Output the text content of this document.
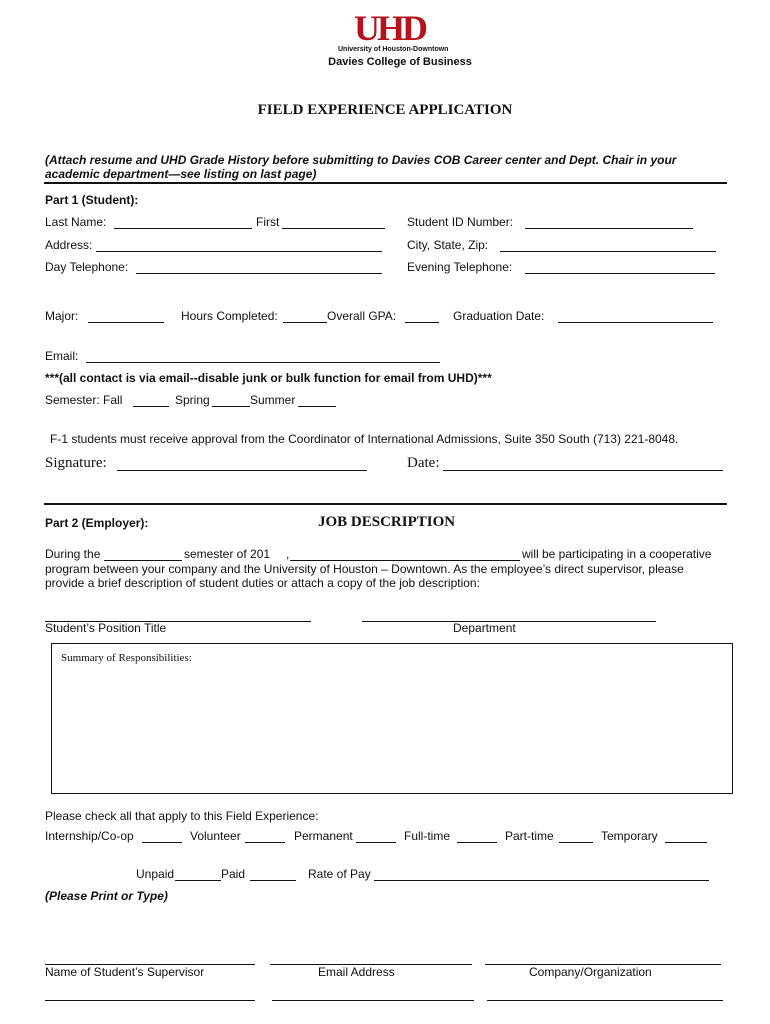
UHD
University of Houston-Downtown
Davies College of Business
FIELD EXPERIENCE APPLICATION
(Attach resume and UHD Grade History before submitting to Davies COB Career center and Dept. Chair in your
academic department—see listing on last page)
Part 1 (Student):
Last Name:	First	Student ID Number:
Address:	City, State, Zip:
Day Telephone:	Evening Telephone:
Major:	Hours Completed:	Overall GPA:	Graduation Date:
Email:
***(all contact is via email--disable junk or bulk function for email from UHD)***
Semester: Fall	Spring	Summer
F-1 students must receive approval from the Coordinator of International Admissions, Suite 350 South (713) 221-8048.
Signature:	Date:
Part 2 (Employer):	JOB DESCRIPTION
During the	semester of 201 ,	will be participating in a cooperative
program between your company and the University of Houston – Downtown. As the employee’s direct supervisor, please
provide a brief description of student duties or attach a copy of the job description:
Student’s Position Title	Department
Summary of Responsibilities:
Please check all that apply to this Field Experience:
Internship/Co-op	Volunteer	Permanent	Full-time	Part-time	Temporary
Unpaid	Paid	Rate of Pay
(Please Print or Type)
Name of Student’s Supervisor	Email Address	Company/Organization
